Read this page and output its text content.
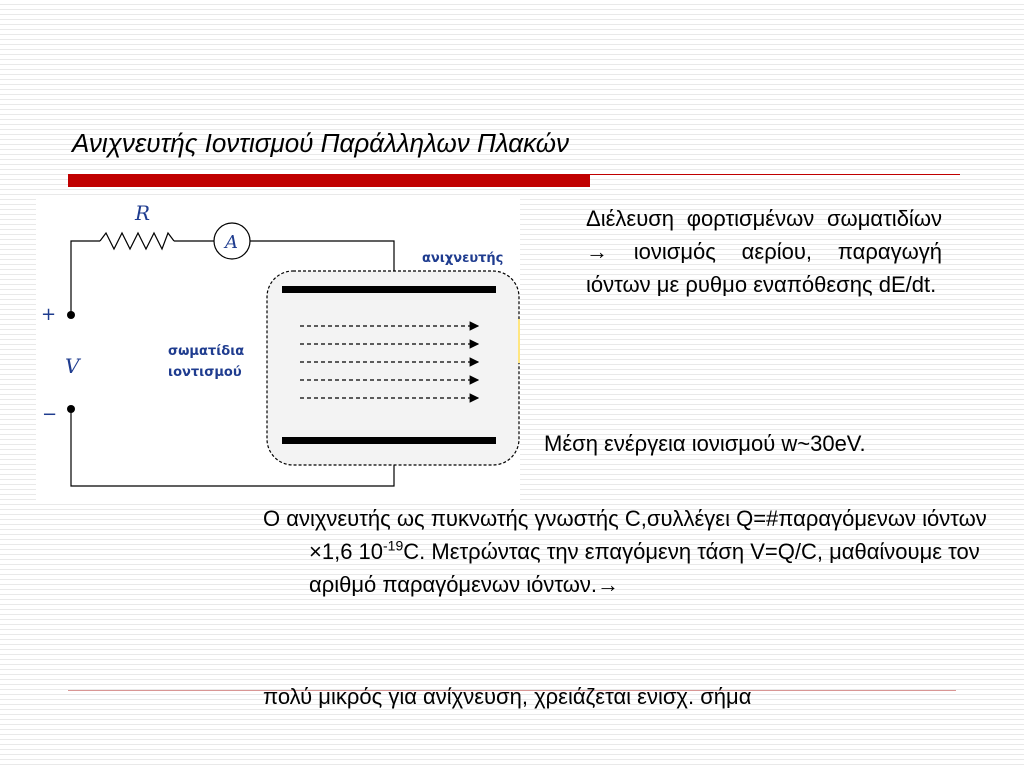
Ανιχνευτής Ιοντισμού Παράλληλων Πλακών
R
A
+
V
−
ανιχνευτής
σωματίδια
ιοντισμού

Διέλευση φορτισμένων σωματιδίων → ιονισμός αερίου, παραγωγή ιόντων με ρυθμο εναπόθεσης dE/dt.

Μέση ενέργεια ιονισμού w~30eV.

Ο ανιχνευτής ως πυκνωτής γνωστής C,συλλέγει Q=#παραγόμενων ιόντων ×1,6 $10^{-19}C$. Μετρώντας την επαγόμενη τάση V=Q/C, μαθαίνουμε τον αριθμό παραγόμενων ιόντων.→

πολύ μικρός για ανίχνευση, χρειάζεται ενισχ. σήμα
